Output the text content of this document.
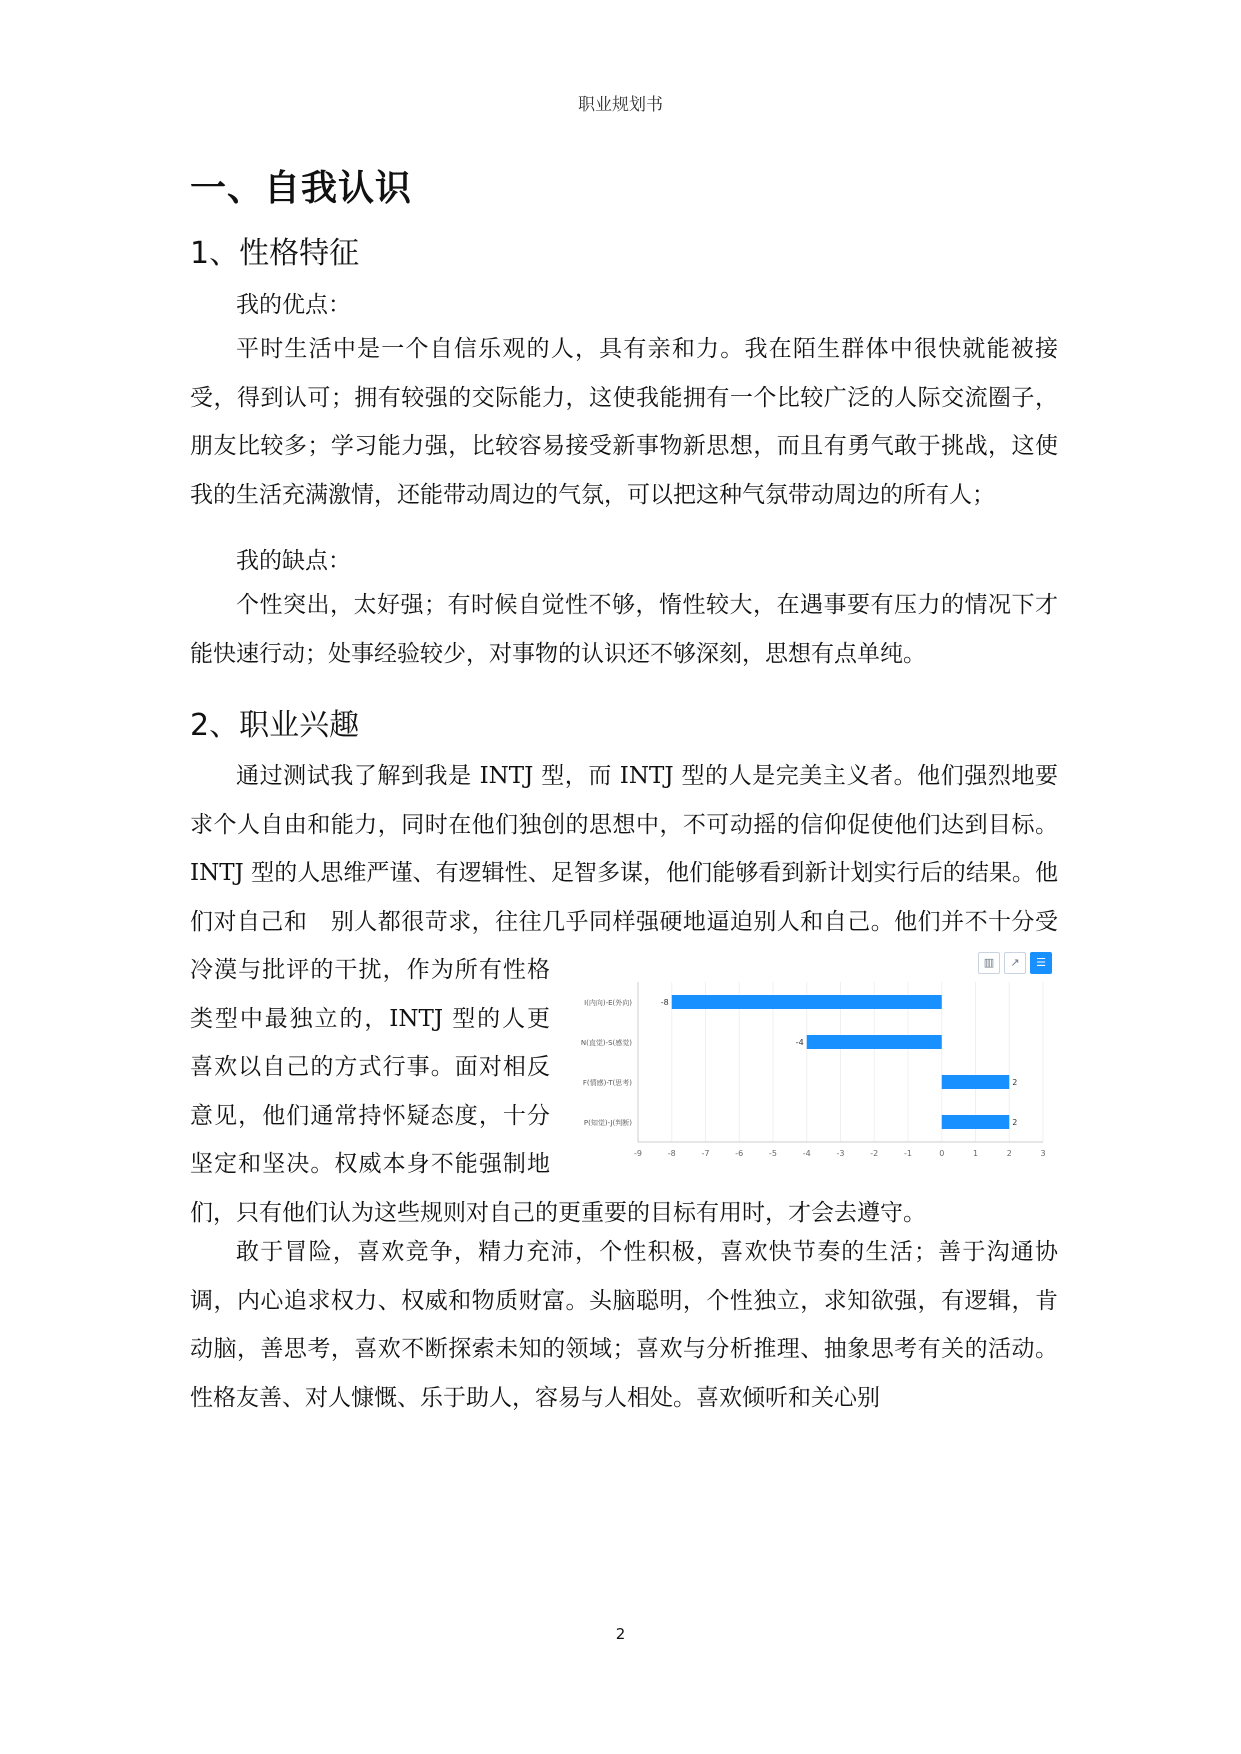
职业规划书
一、自我认识
1、性格特征
我的优点：
平时生活中是一个自信乐观的人，具有亲和力。我在陌生群体中很快就能被接受，得到认可；拥有较强的交际能力，这使我能拥有一个比较广泛的人际交流圈子，朋友比较多；学习能力强，比较容易接受新事物新思想，而且有勇气敢于挑战，这使我的生活充满激情，还能带动周边的气氛，可以把这种气氛带动周边的所有人；
我的缺点：
个性突出，太好强；有时候自觉性不够，惰性较大，在遇事要有压力的情况下才能快速行动；处事经验较少，对事物的认识还不够深刻，思想有点单纯。
2、职业兴趣
▥	↗	☰
-9	-8	-7	-6	-5	-4	-3	-2	-1	0	1	2	3
I(内向)-E(外向)	-8
N(直觉)-S(感觉)	-4
F(情感)-T(思考)	2
P(知觉)-J(判断)	2
通过测试我了解到我是 INTJ 型，而 INTJ 型的人是完美主义者。他们强烈地要求个人自由和能力，同时在他们独创的思想中，不可动摇的信仰促使他们达到目标。INTJ 型的人思维严谨、有逻辑性、足智多谋，他们能够看到新计划实行后的结果。他们对自己和　别人都很苛求，往往几乎同样强硬地逼迫别人和自己。他们并不十分受冷漠与批评的干扰，作为所有性格类型中最独立的，INTJ 型的人更喜欢以自己的方式行事。面对相反意见，他们通常持怀疑态度，十分坚定和坚决。权威本身不能强制地们，只有他们认为这些规则对自己的更重要的目标有用时，才会去遵守。
敢于冒险，喜欢竞争，精力充沛，个性积极，喜欢快节奏的生活；善于沟通协调，内心追求权力、权威和物质财富。头脑聪明，个性独立，求知欲强，有逻辑，肯动脑，善思考，喜欢不断探索未知的领域；喜欢与分析推理、抽象思考有关的活动。性格友善、对人慷慨、乐于助人，容易与人相处。喜欢倾听和关心别
2
